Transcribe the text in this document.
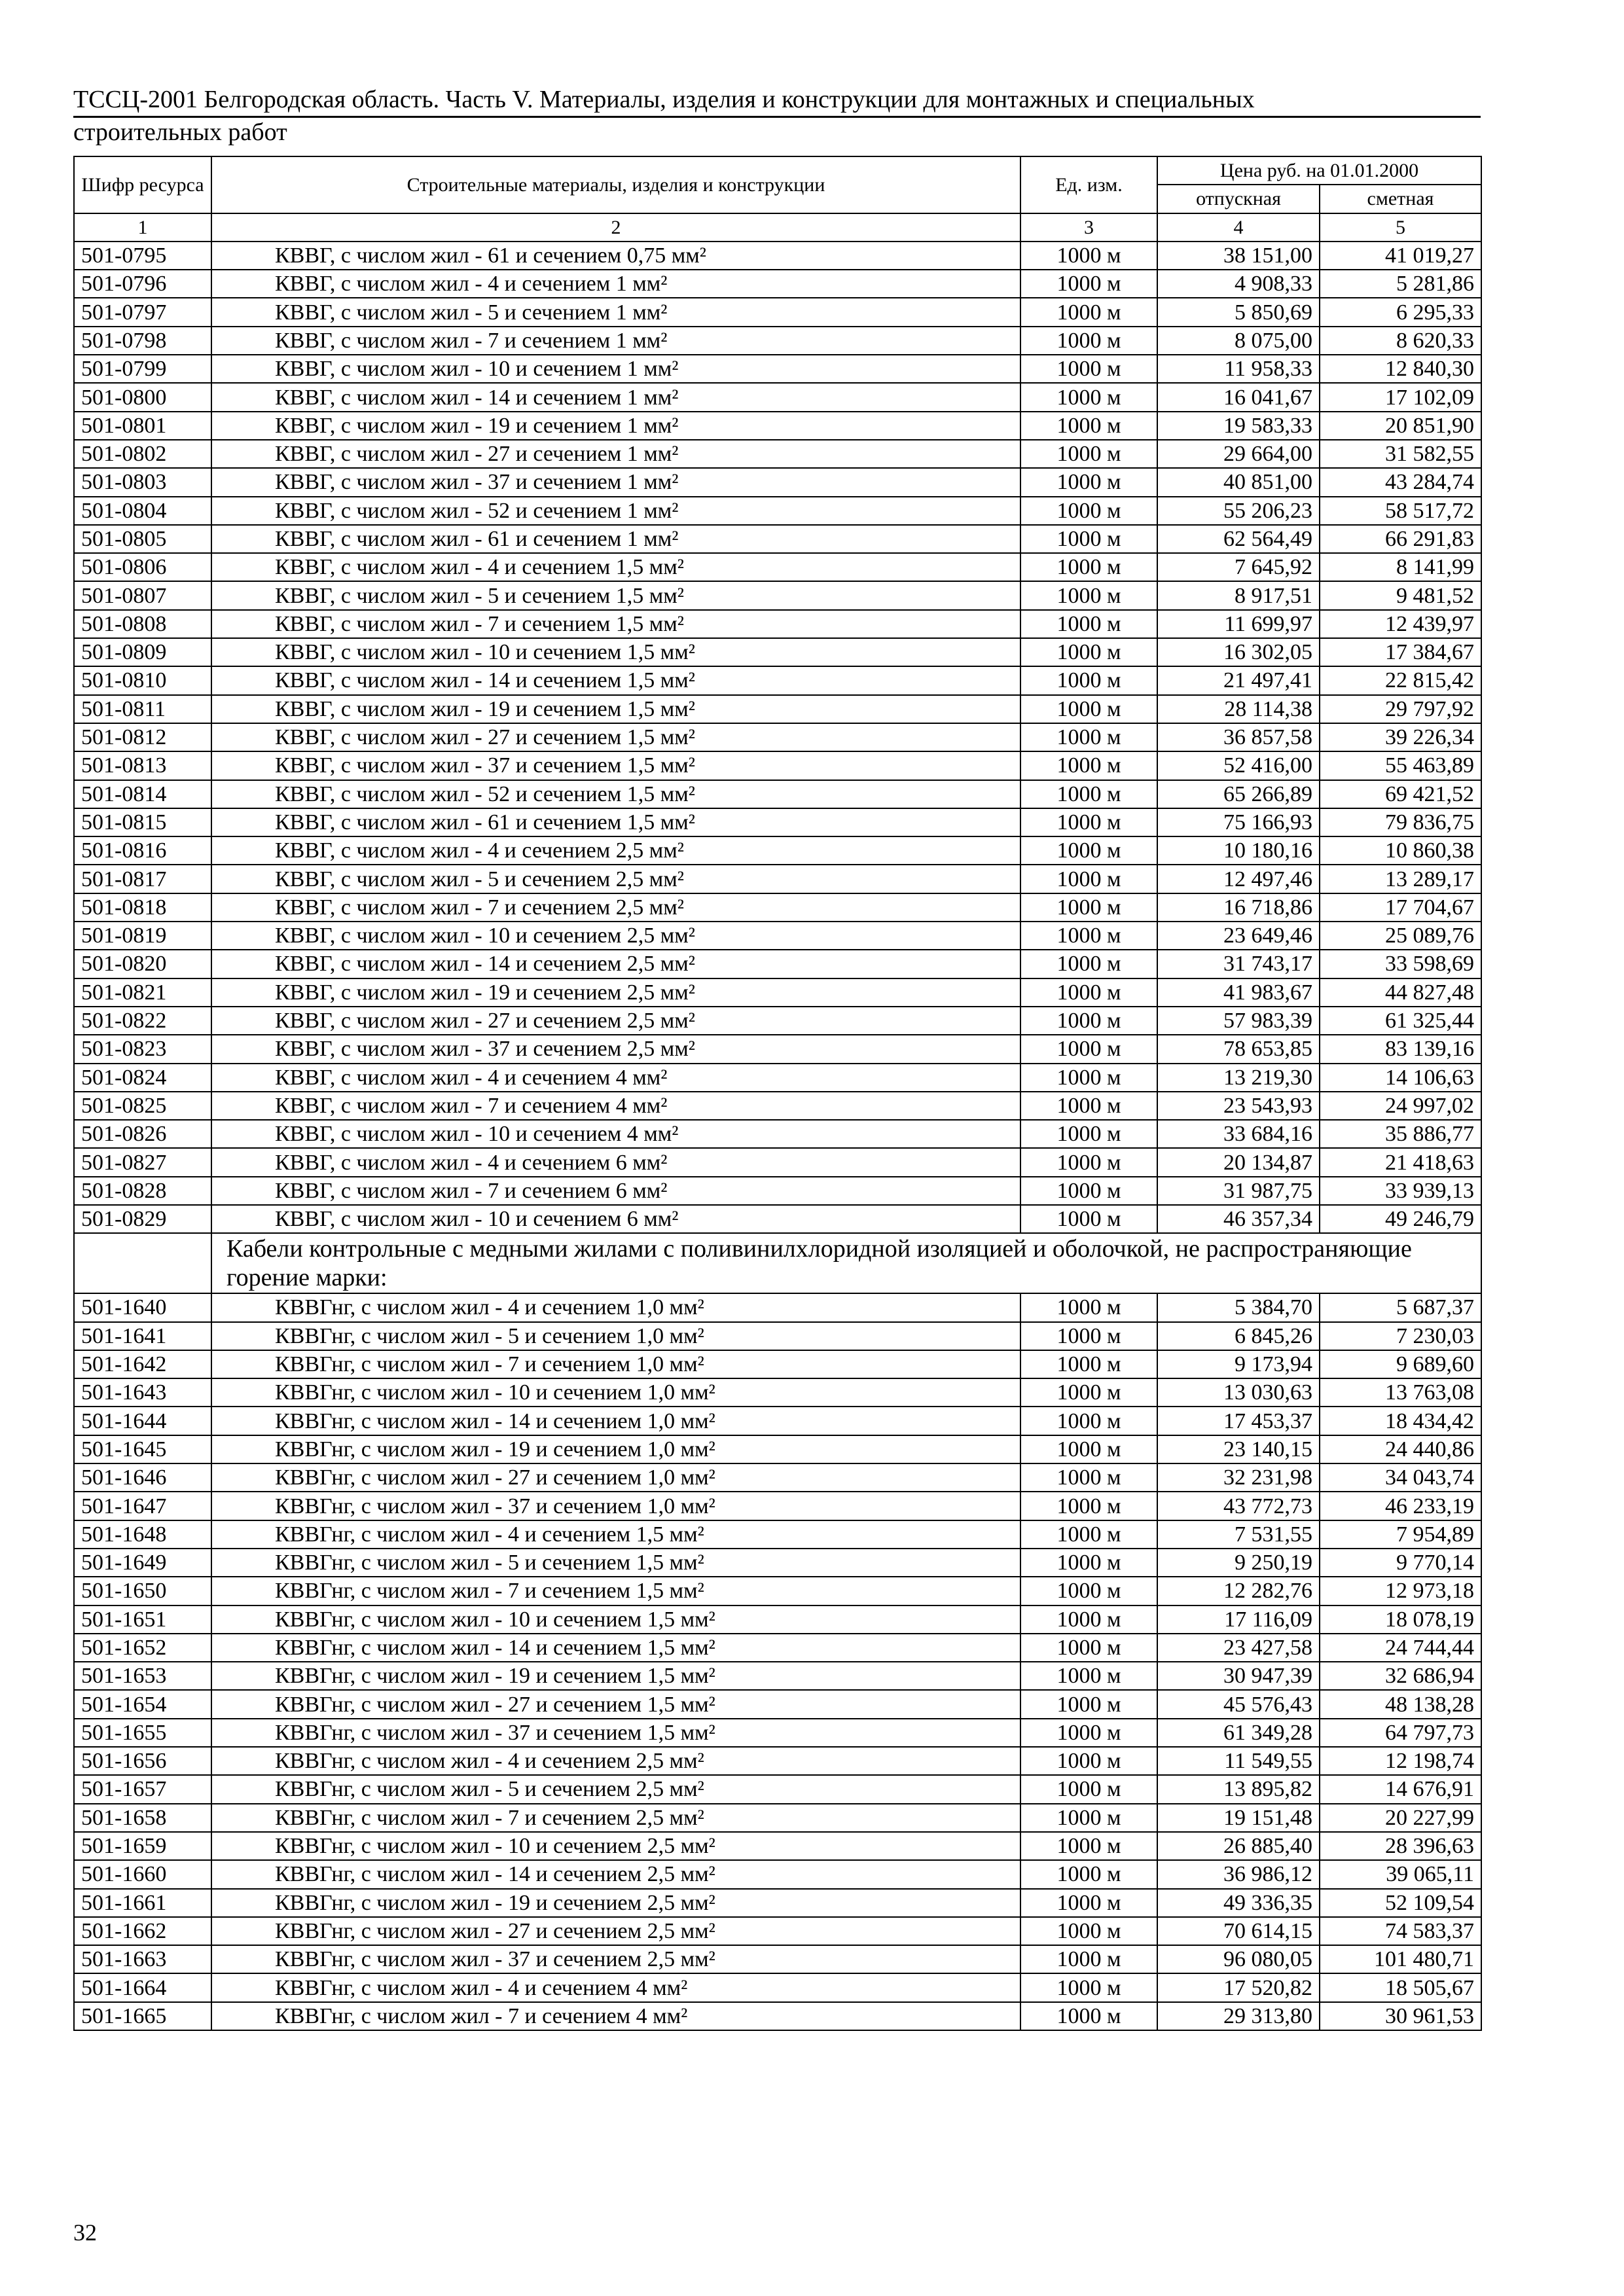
ТССЦ-2001 Белгородская область. Часть V. Материалы, изделия и конструкции для монтажных и специальных
строительных работ
Шифр ресурса	Строительные материалы, изделия и конструкции	Ед. изм.	Цена руб. на 01.01.2000	
			отпускная	сметная
1	2	3	4	5
501-0795	КВВГ, с числом жил - 61 и сечением 0,75 мм²	1000 м	38 151,00	41 019,27
501-0796	КВВГ, с числом жил - 4 и сечением 1 мм²	1000 м	4 908,33	5 281,86
501-0797	КВВГ, с числом жил - 5 и сечением 1 мм²	1000 м	5 850,69	6 295,33
501-0798	КВВГ, с числом жил - 7 и сечением 1 мм²	1000 м	8 075,00	8 620,33
501-0799	КВВГ, с числом жил - 10 и сечением 1 мм²	1000 м	11 958,33	12 840,30
501-0800	КВВГ, с числом жил - 14 и сечением 1 мм²	1000 м	16 041,67	17 102,09
501-0801	КВВГ, с числом жил - 19 и сечением 1 мм²	1000 м	19 583,33	20 851,90
501-0802	КВВГ, с числом жил - 27 и сечением 1 мм²	1000 м	29 664,00	31 582,55
501-0803	КВВГ, с числом жил - 37 и сечением 1 мм²	1000 м	40 851,00	43 284,74
501-0804	КВВГ, с числом жил - 52 и сечением 1 мм²	1000 м	55 206,23	58 517,72
501-0805	КВВГ, с числом жил - 61 и сечением 1 мм²	1000 м	62 564,49	66 291,83
501-0806	КВВГ, с числом жил - 4 и сечением 1,5 мм²	1000 м	7 645,92	8 141,99
501-0807	КВВГ, с числом жил - 5 и сечением 1,5 мм²	1000 м	8 917,51	9 481,52
501-0808	КВВГ, с числом жил - 7 и сечением 1,5 мм²	1000 м	11 699,97	12 439,97
501-0809	КВВГ, с числом жил - 10 и сечением 1,5 мм²	1000 м	16 302,05	17 384,67
501-0810	КВВГ, с числом жил - 14 и сечением 1,5 мм²	1000 м	21 497,41	22 815,42
501-0811	КВВГ, с числом жил - 19 и сечением 1,5 мм²	1000 м	28 114,38	29 797,92
501-0812	КВВГ, с числом жил - 27 и сечением 1,5 мм²	1000 м	36 857,58	39 226,34
501-0813	КВВГ, с числом жил - 37 и сечением 1,5 мм²	1000 м	52 416,00	55 463,89
501-0814	КВВГ, с числом жил - 52 и сечением 1,5 мм²	1000 м	65 266,89	69 421,52
501-0815	КВВГ, с числом жил - 61 и сечением 1,5 мм²	1000 м	75 166,93	79 836,75
501-0816	КВВГ, с числом жил - 4 и сечением 2,5 мм²	1000 м	10 180,16	10 860,38
501-0817	КВВГ, с числом жил - 5 и сечением 2,5 мм²	1000 м	12 497,46	13 289,17
501-0818	КВВГ, с числом жил - 7 и сечением 2,5 мм²	1000 м	16 718,86	17 704,67
501-0819	КВВГ, с числом жил - 10 и сечением 2,5 мм²	1000 м	23 649,46	25 089,76
501-0820	КВВГ, с числом жил - 14 и сечением 2,5 мм²	1000 м	31 743,17	33 598,69
501-0821	КВВГ, с числом жил - 19 и сечением 2,5 мм²	1000 м	41 983,67	44 827,48
501-0822	КВВГ, с числом жил - 27 и сечением 2,5 мм²	1000 м	57 983,39	61 325,44
501-0823	КВВГ, с числом жил - 37 и сечением 2,5 мм²	1000 м	78 653,85	83 139,16
501-0824	КВВГ, с числом жил - 4 и сечением 4 мм²	1000 м	13 219,30	14 106,63
501-0825	КВВГ, с числом жил - 7 и сечением 4 мм²	1000 м	23 543,93	24 997,02
501-0826	КВВГ, с числом жил - 10 и сечением 4 мм²	1000 м	33 684,16	35 886,77
501-0827	КВВГ, с числом жил - 4 и сечением 6 мм²	1000 м	20 134,87	21 418,63
501-0828	КВВГ, с числом жил - 7 и сечением 6 мм²	1000 м	31 987,75	33 939,13
501-0829	КВВГ, с числом жил - 10 и сечением 6 мм²	1000 м	46 357,34	49 246,79
	Кабели контрольные с медными жилами с поливинилхлоридной изоляцией и оболочкой, не распространяющие горение марки:			
501-1640	КВВГнг, с числом жил - 4 и сечением 1,0 мм²	1000 м	5 384,70	5 687,37
501-1641	КВВГнг, с числом жил - 5 и сечением 1,0 мм²	1000 м	6 845,26	7 230,03
501-1642	КВВГнг, с числом жил - 7 и сечением 1,0 мм²	1000 м	9 173,94	9 689,60
501-1643	КВВГнг, с числом жил - 10 и сечением 1,0 мм²	1000 м	13 030,63	13 763,08
501-1644	КВВГнг, с числом жил - 14 и сечением 1,0 мм²	1000 м	17 453,37	18 434,42
501-1645	КВВГнг, с числом жил - 19 и сечением 1,0 мм²	1000 м	23 140,15	24 440,86
501-1646	КВВГнг, с числом жил - 27 и сечением 1,0 мм²	1000 м	32 231,98	34 043,74
501-1647	КВВГнг, с числом жил - 37 и сечением 1,0 мм²	1000 м	43 772,73	46 233,19
501-1648	КВВГнг, с числом жил - 4 и сечением 1,5 мм²	1000 м	7 531,55	7 954,89
501-1649	КВВГнг, с числом жил - 5 и сечением 1,5 мм²	1000 м	9 250,19	9 770,14
501-1650	КВВГнг, с числом жил - 7 и сечением 1,5 мм²	1000 м	12 282,76	12 973,18
501-1651	КВВГнг, с числом жил - 10 и сечением 1,5 мм²	1000 м	17 116,09	18 078,19
501-1652	КВВГнг, с числом жил - 14 и сечением 1,5 мм²	1000 м	23 427,58	24 744,44
501-1653	КВВГнг, с числом жил - 19 и сечением 1,5 мм²	1000 м	30 947,39	32 686,94
501-1654	КВВГнг, с числом жил - 27 и сечением 1,5 мм²	1000 м	45 576,43	48 138,28
501-1655	КВВГнг, с числом жил - 37 и сечением 1,5 мм²	1000 м	61 349,28	64 797,73
501-1656	КВВГнг, с числом жил - 4 и сечением 2,5 мм²	1000 м	11 549,55	12 198,74
501-1657	КВВГнг, с числом жил - 5 и сечением 2,5 мм²	1000 м	13 895,82	14 676,91
501-1658	КВВГнг, с числом жил - 7 и сечением 2,5 мм²	1000 м	19 151,48	20 227,99
501-1659	КВВГнг, с числом жил - 10 и сечением 2,5 мм²	1000 м	26 885,40	28 396,63
501-1660	КВВГнг, с числом жил - 14 и сечением 2,5 мм²	1000 м	36 986,12	39 065,11
501-1661	КВВГнг, с числом жил - 19 и сечением 2,5 мм²	1000 м	49 336,35	52 109,54
501-1662	КВВГнг, с числом жил - 27 и сечением 2,5 мм²	1000 м	70 614,15	74 583,37
501-1663	КВВГнг, с числом жил - 37 и сечением 2,5 мм²	1000 м	96 080,05	101 480,71
501-1664	КВВГнг, с числом жил - 4 и сечением 4 мм²	1000 м	17 520,82	18 505,67
501-1665	КВВГнг, с числом жил - 7 и сечением 4 мм²	1000 м	29 313,80	30 961,53
32
